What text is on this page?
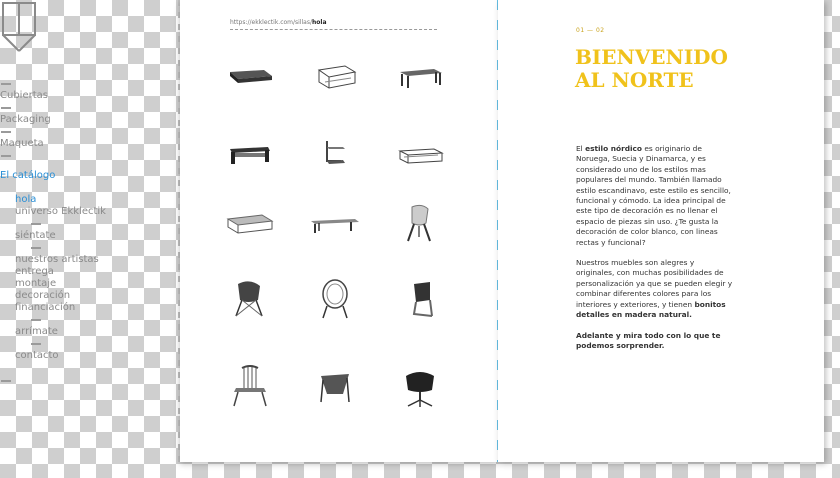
Cubiertas
Packaging
Maqueta
El catálogo
hola
universo Ekklectik
siéntate
nuestros artistas
entrega
montaje
decoración
financiación
arrímate
contacto
https://ekklectik.com/sillas/hola
01 — 02
BIENVENIDO
AL NORTE

El estilo nórdico es originario de Noruega, Suecia y Dinamarca, y es considerado uno de los estilos mas populares del mundo. También llamado estilo escandinavo, este estilo es sencillo, funcional y cómodo. La idea principal de este tipo de decoración es no llenar el espacio de piezas sin uso. ¿Te gusta la decoración de color blanco, con lineas rectas y funcional?

Nuestros muebles son alegres y originales, con muchas posibilidades de personalización ya que se pueden elegir y combinar diferentes colores para los interiores y exteriores, y tienen bonitos detalles en madera natural.

Adelante y mira todo con lo que te podemos sorprender.
